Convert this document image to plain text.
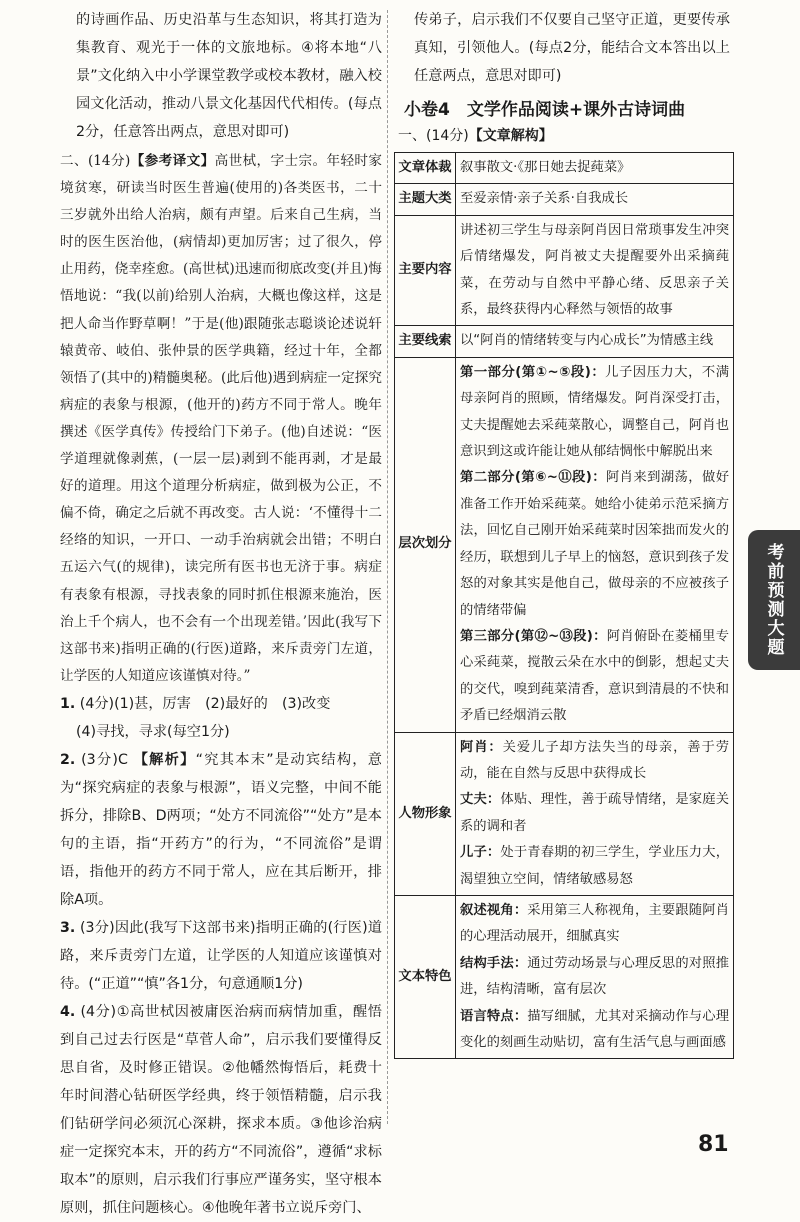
的诗画作品、历史沿革与生态知识，将其打造为集教育、观光于一体的文旅地标。④将本地“八景”文化纳入中小学课堂教学或校本教材，融入校园文化活动，推动八景文化基因代代相传。(每点2分，任意答出两点，意思对即可)

二、(14分)【参考译文】高世栻，字士宗。年轻时家境贫寒，研读当时医生普遍(使用的)各类医书，二十三岁就外出给人治病，颇有声望。后来自己生病，当时的医生医治他，(病情却)更加厉害；过了很久，停止用药，侥幸痊愈。(高世栻)迅速而彻底改变(并且)悔悟地说：“我(以前)给别人治病，大概也像这样，这是把人命当作野草啊！”于是(他)跟随张志聪谈论述说轩辕黄帝、岐伯、张仲景的医学典籍，经过十年，全都领悟了(其中的)精髓奥秘。(此后他)遇到病症一定探究病症的表象与根源，(他开的)药方不同于常人。晚年撰述《医学真传》传授给门下弟子。(他)自述说：“医学道理就像剥蕉，(一层一层)剥到不能再剥，才是最好的道理。用这个道理分析病症，做到极为公正，不偏不倚，确定之后就不再改变。古人说：‘不懂得十二经络的知识，一开口、一动手治病就会出错；不明白五运六气(的规律)，读完所有医书也无济于事。病症有表象有根源，寻找表象的同时抓住根源来施治，医治上千个病人，也不会有一个出现差错。’因此(我写下这部书来)指明正确的(行医)道路，来斥责旁门左道，让学医的人知道应该谨慎对待。”

1. (4分)(1)甚，厉害　(2)最好的　(3)改变

(4)寻找，寻求(每空1分)

2. (3分)C 【解析】“究其本末”是动宾结构，意为“探究病症的表象与根源”，语义完整，中间不能拆分，排除B、D两项；“处方不同流俗”“处方”是本句的主语，指“开药方”的行为，“不同流俗”是谓语，指他开的药方不同于常人，应在其后断开，排除A项。

3. (3分)因此(我写下这部书来)指明正确的(行医)道路，来斥责旁门左道，让学医的人知道应该谨慎对待。(“正道”“慎”各1分，句意通顺1分)

4. (4分)①高世栻因被庸医治病而病情加重，醒悟到自己过去行医是“草菅人命”，启示我们要懂得反思自省，及时修正错误。②他幡然悔悟后，耗费十年时间潜心钻研医学经典，终于领悟精髓，启示我们钻研学问必须沉心深耕，探求本质。③他诊治病症一定探究本末，开的药方“不同流俗”，遵循“求标取本”的原则，启示我们行事应严谨务实，坚守根本原则，抓住问题核心。④他晚年著书立说斥旁门、

传弟子，启示我们不仅要自己坚守正道，更要传承真知，引领他人。(每点2分，能结合文本答出以上任意两点，意思对即可)

小卷4　文学作品阅读+课外古诗词曲

一、(14分)【文章解构】

文章体裁	叙事散文·《那日她去捉莼菜》
主题大类	至爱亲情·亲子关系·自我成长
主要内容	讲述初三学生与母亲阿肖因日常琐事发生冲突后情绪爆发，阿肖被丈夫提醒要外出采摘莼菜，在劳动与自然中平静心绪、反思亲子关系，最终获得内心释然与领悟的故事
主要线索	以“阿肖的情绪转变与内心成长”为情感主线
层次划分	第一部分(第①~⑤段)：儿子因压力大，不满母亲阿肖的照顾，情绪爆发。阿肖深受打击，丈夫提醒她去采莼菜散心，调整自己，阿肖也意识到这或许能让她从郁结惆怅中解脱出来
第二部分(第⑥~⑪段)：阿肖来到湖荡，做好准备工作开始采莼菜。她给小徒弟示范采摘方法，回忆自己刚开始采莼菜时因笨拙而发火的经历，联想到儿子早上的恼怒，意识到孩子发怒的对象其实是他自己，做母亲的不应被孩子的情绪带偏
第三部分(第⑫~⑬段)：阿肖俯卧在菱桶里专心采莼菜，搅散云朵在水中的倒影，想起丈夫的交代，嗅到莼菜清香，意识到清晨的不快和矛盾已经烟消云散

人物形象	阿肖：关爱儿子却方法失当的母亲，善于劳动，能在自然与反思中获得成长
丈夫：体贴、理性，善于疏导情绪，是家庭关系的调和者
儿子：处于青春期的初三学生，学业压力大，渴望独立空间，情绪敏感易怒

文本特色	叙述视角：采用第三人称视角，主要跟随阿肖的心理活动展开，细腻真实
结构手法：通过劳动场景与心理反思的对照推进，结构清晰，富有层次
语言特点：描写细腻，尤其对采摘动作与心理变化的刻画生动贴切，富有生活气息与画面感
考前预测大题
81
